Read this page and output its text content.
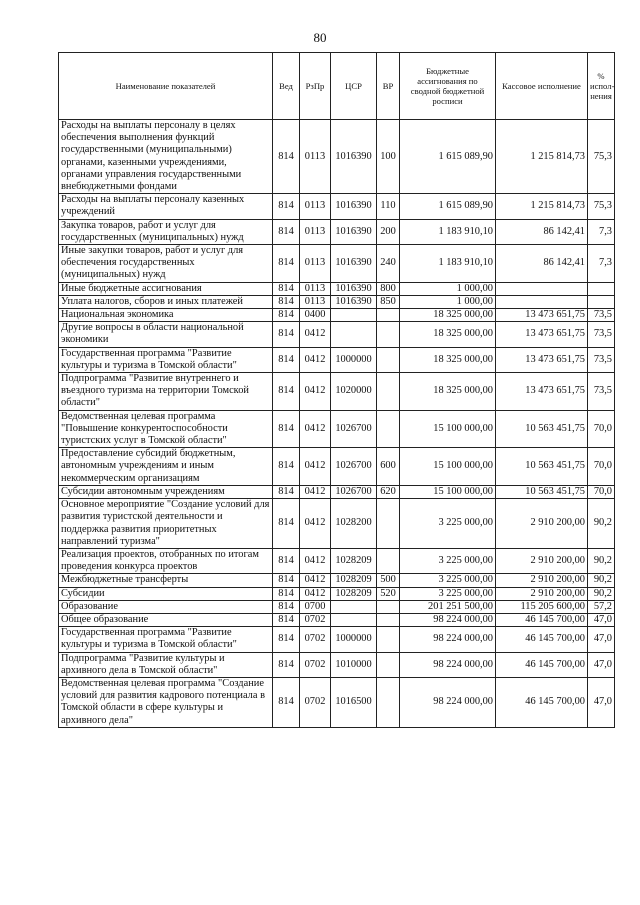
80
Наименование показателей	Вед	РзПр	ЦСР	ВР	Бюджетные ассигнования по сводной бюджетной росписи	Кассовое исполнение	% испол-нения
Расходы на выплаты персоналу в целях обеспечения выполнения функций государственными (муниципальными) органами, казенными учреждениями, органами управления государственными внебюджетными фондами	814	0113	1016390	100	1 615 089,90	1 215 814,73	75,3
Расходы на выплаты персоналу казенных учреждений	814	0113	1016390	110	1 615 089,90	1 215 814,73	75,3
Закупка товаров, работ и услуг для государственных (муниципальных) нужд	814	0113	1016390	200	1 183 910,10	86 142,41	7,3
Иные закупки товаров, работ и услуг для обеспечения государственных (муниципальных) нужд	814	0113	1016390	240	1 183 910,10	86 142,41	7,3
Иные бюджетные ассигнования	814	0113	1016390	800	1 000,00		
Уплата налогов, сборов и иных платежей	814	0113	1016390	850	1 000,00		
Национальная экономика	814	0400			18 325 000,00	13 473 651,75	73,5
Другие вопросы в области национальной экономики	814	0412			18 325 000,00	13 473 651,75	73,5
Государственная программа "Развитие культуры и туризма в Томской области"	814	0412	1000000		18 325 000,00	13 473 651,75	73,5
Подпрограмма "Развитие внутреннего и въездного туризма на территории Томской области"	814	0412	1020000		18 325 000,00	13 473 651,75	73,5
Ведомственная целевая программа "Повышение конкурентоспособности туристских услуг в Томской области"	814	0412	1026700		15 100 000,00	10 563 451,75	70,0
Предоставление субсидий бюджетным, автономным учреждениям и иным некоммерческим организациям	814	0412	1026700	600	15 100 000,00	10 563 451,75	70,0
Субсидии автономным учреждениям	814	0412	1026700	620	15 100 000,00	10 563 451,75	70,0
Основное мероприятие "Создание условий для развития туристской деятельности и поддержка развития приоритетных направлений туризма"	814	0412	1028200		3 225 000,00	2 910 200,00	90,2
Реализация проектов, отобранных по итогам проведения конкурса проектов	814	0412	1028209		3 225 000,00	2 910 200,00	90,2
Межбюджетные трансферты	814	0412	1028209	500	3 225 000,00	2 910 200,00	90,2
Субсидии	814	0412	1028209	520	3 225 000,00	2 910 200,00	90,2
Образование	814	0700			201 251 500,00	115 205 600,00	57,2
Общее образование	814	0702			98 224 000,00	46 145 700,00	47,0
Государственная программа "Развитие культуры и туризма в Томской области"	814	0702	1000000		98 224 000,00	46 145 700,00	47,0
Подпрограмма "Развитие культуры и архивного дела в Томской области"	814	0702	1010000		98 224 000,00	46 145 700,00	47,0
Ведомственная целевая программа "Создание условий для развития кадрового потенциала в Томской области в сфере культуры и архивного дела"	814	0702	1016500		98 224 000,00	46 145 700,00	47,0
